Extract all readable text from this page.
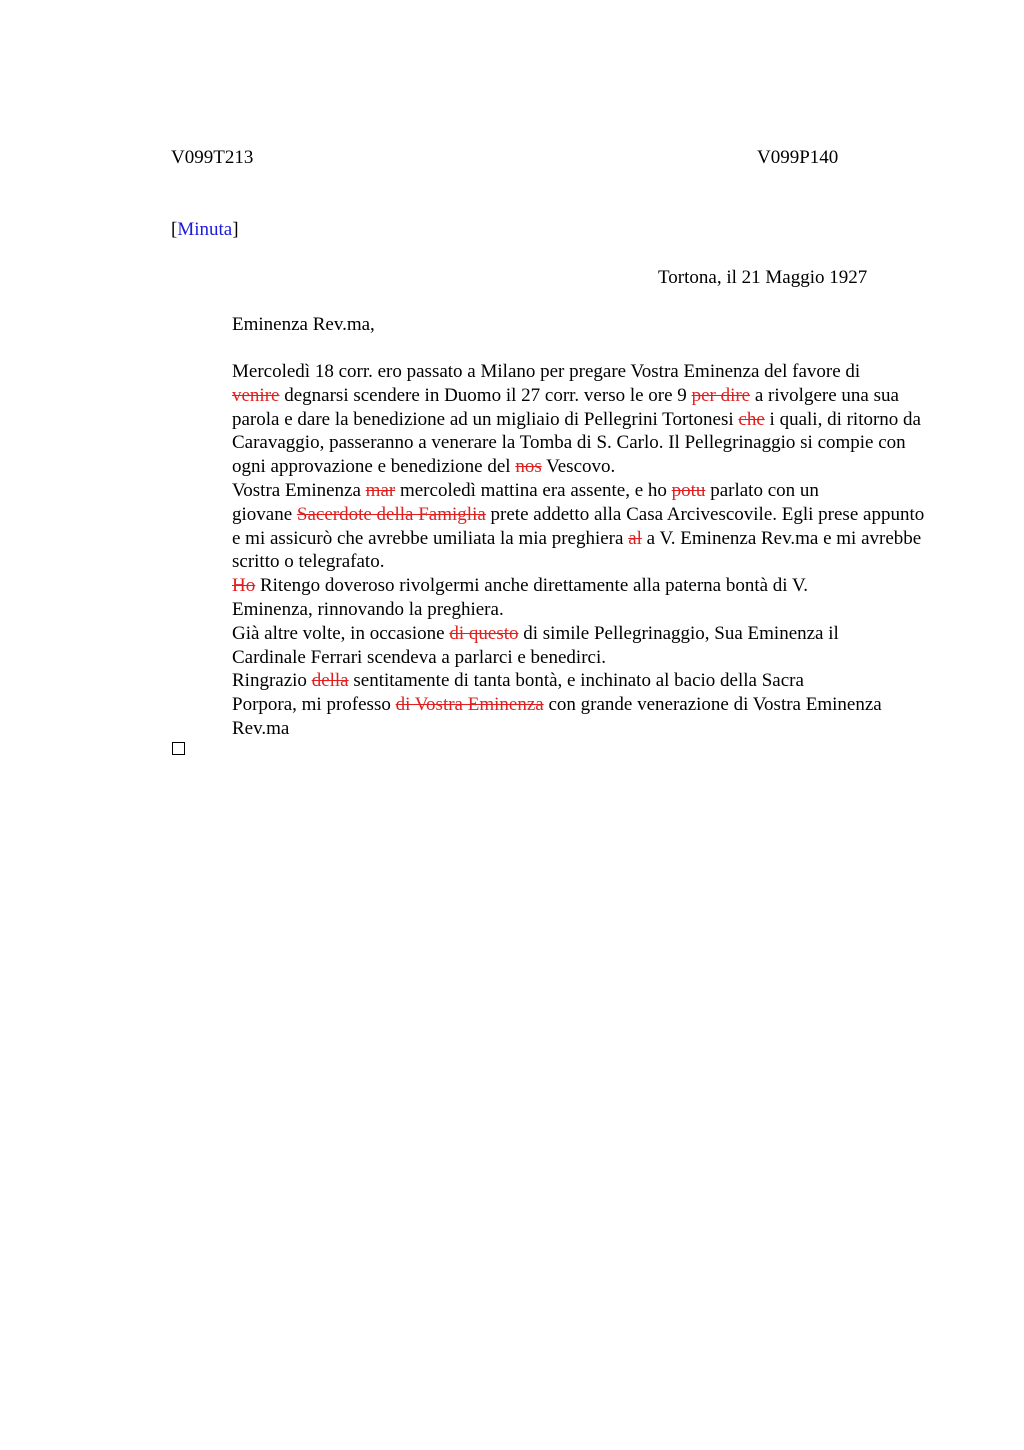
V099T213	V099P140
[Minuta]
Tortona, il 21 Maggio 1927
Eminenza Rev.ma,

Mercoledì 18 corr. ero passato a Milano per pregare Vostra Eminenza del favore di
venire degnarsi scendere in Duomo il 27 corr. verso le ore 9 per dire a rivolgere una sua
parola e dare la benedizione ad un migliaio di Pellegrini Tortonesi che i quali, di ritorno da
Caravaggio, passeranno a venerare la Tomba di S. Carlo. Il Pellegrinaggio si compie con
ogni approvazione e benedizione del nos Vescovo.

Vostra Eminenza mar mercoledì mattina era assente, e ho potu parlato con un
giovane Sacerdote della Famiglia prete addetto alla Casa Arcivescovile. Egli prese appunto
e mi assicurò che avrebbe umiliata la mia preghiera al a V. Eminenza Rev.ma e mi avrebbe
scritto o telegrafato.

Ho Ritengo doveroso rivolgermi anche direttamente alla paterna bontà di V.
Eminenza, rinnovando la preghiera.

Già altre volte, in occasione di questo di simile Pellegrinaggio, Sua Eminenza il
Cardinale Ferrari scendeva a parlarci e benedirci.

Ringrazio della sentitamente di tanta bontà, e inchinato al bacio della Sacra
Porpora, mi professo di Vostra Eminenza con grande venerazione di Vostra Eminenza
Rev.ma
